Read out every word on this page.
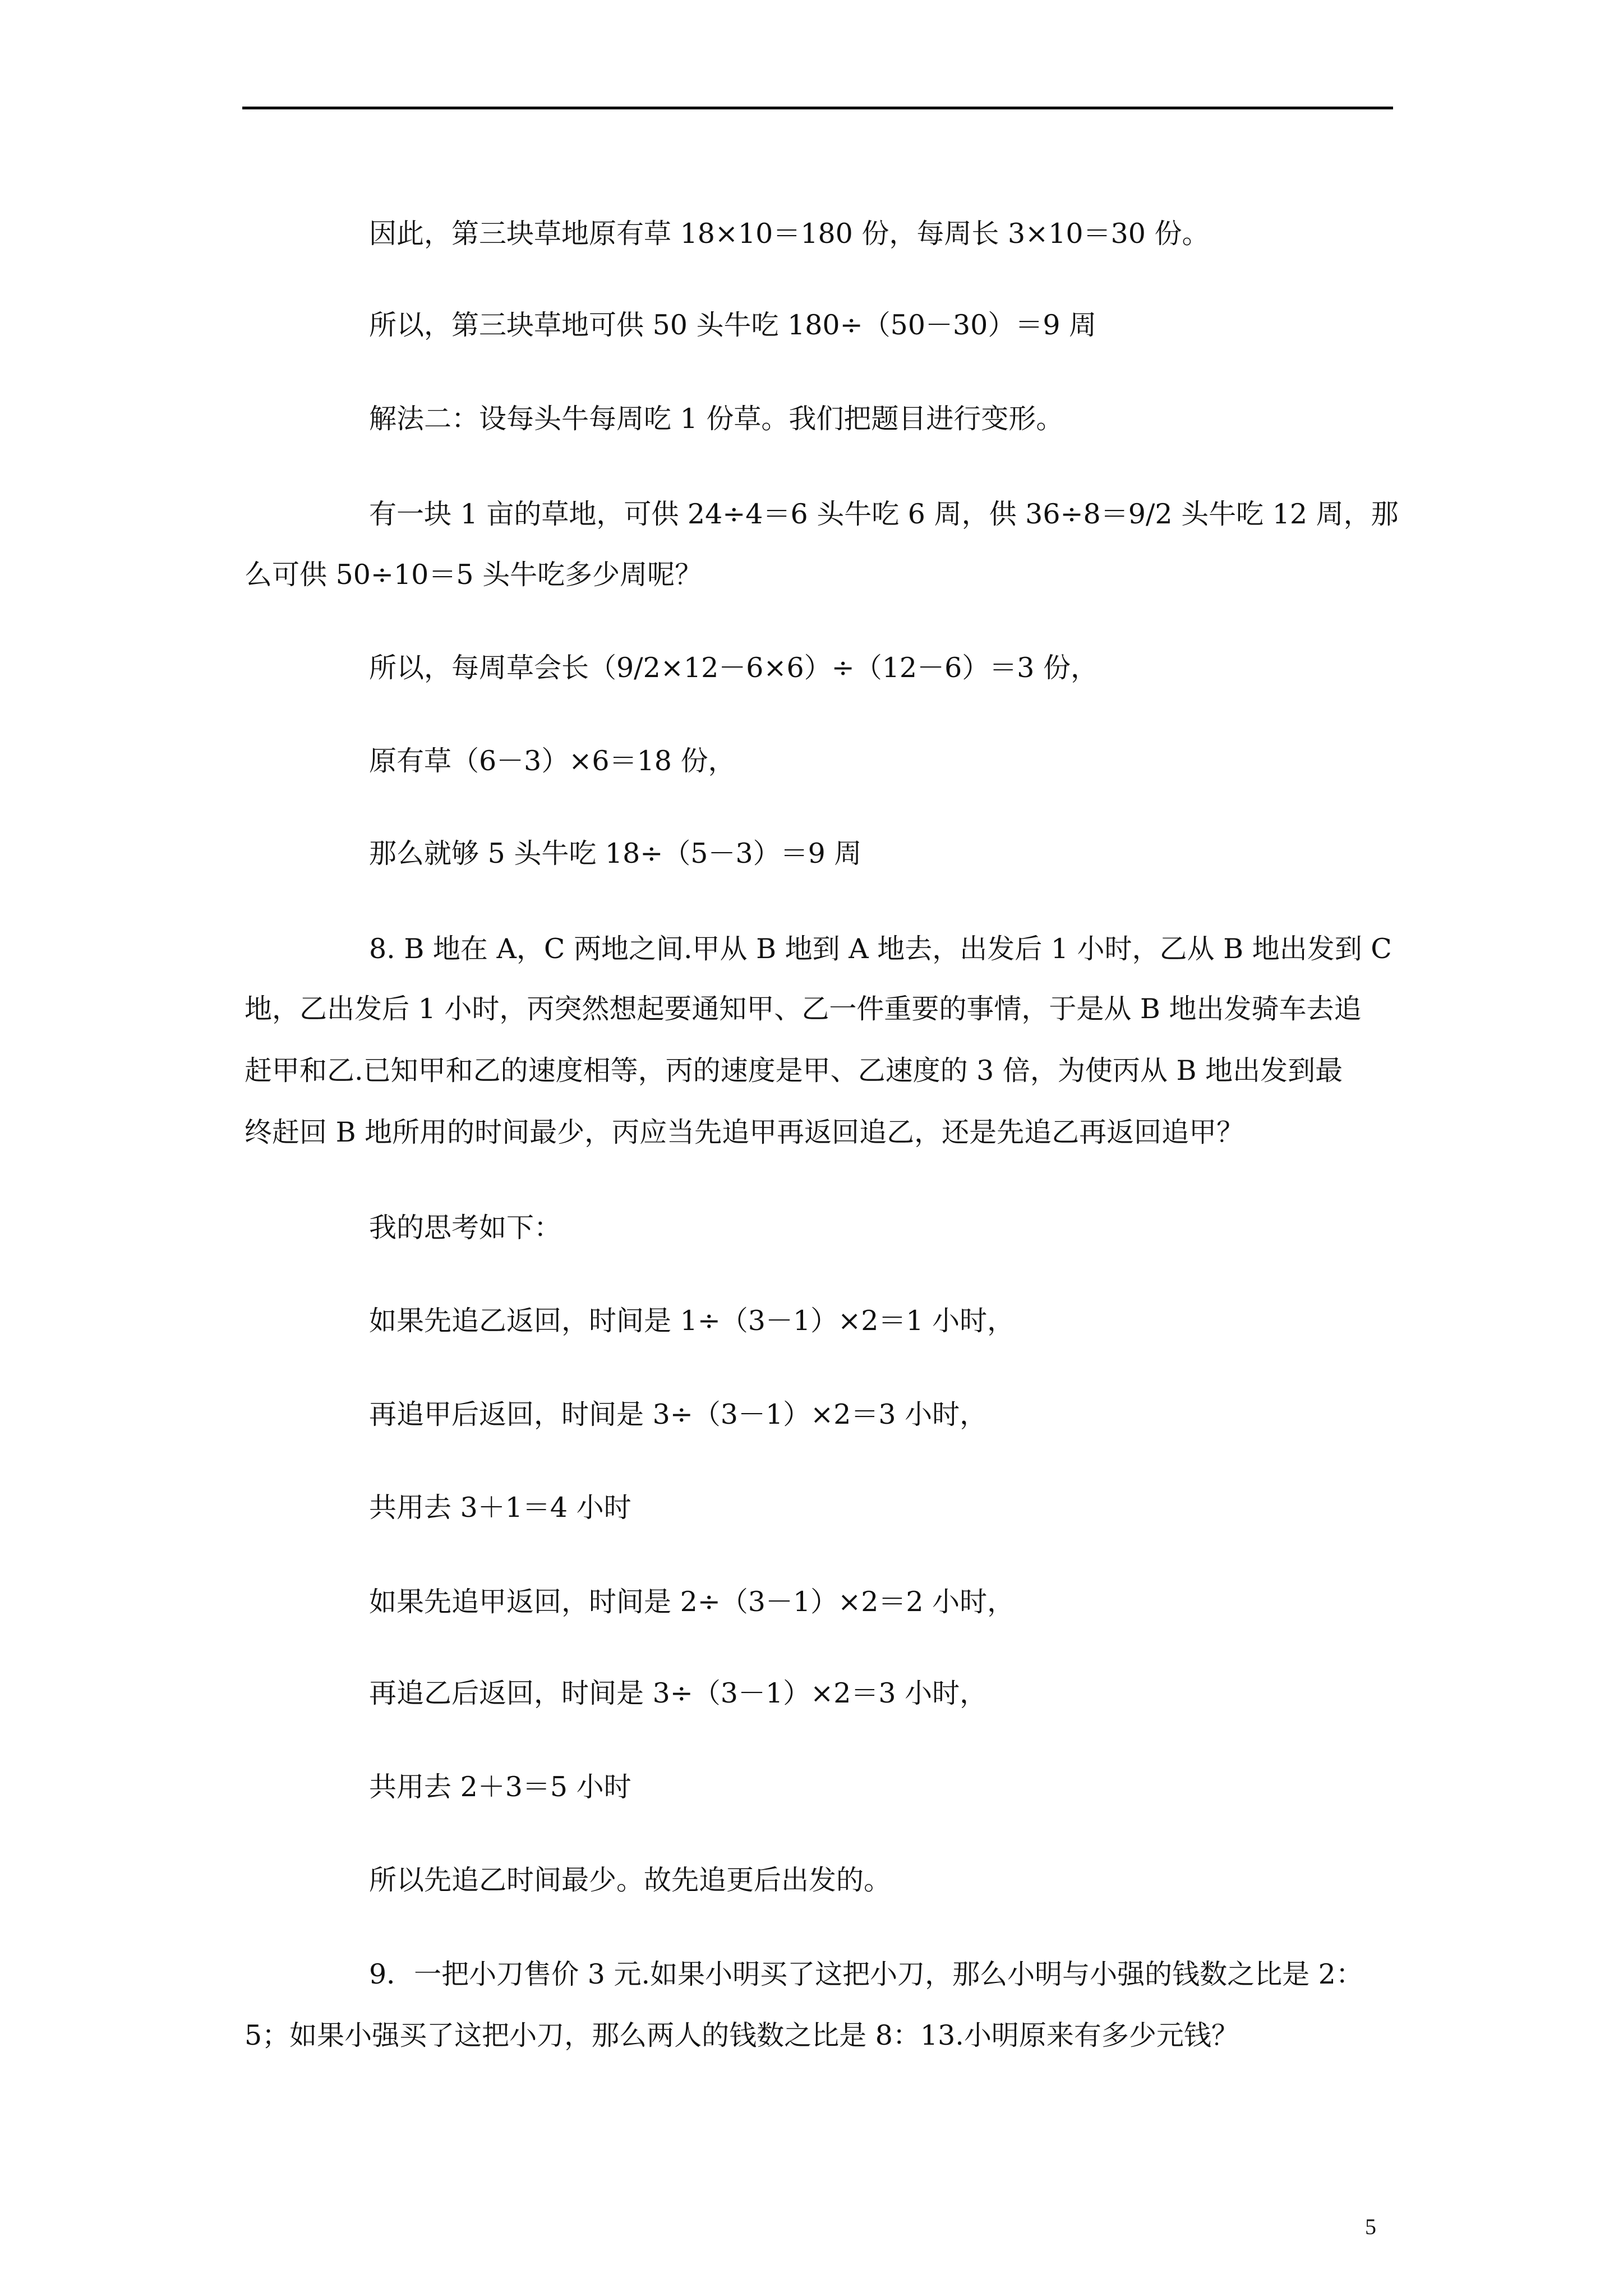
因此，第三块草地原有草 18×10＝180 份，每周长 3×10＝30 份。
所以，第三块草地可供 50 头牛吃 180÷（50－30）＝9 周
解法二：设每头牛每周吃 1 份草。我们把题目进行变形。
有一块 1 亩的草地，可供 24÷4＝6 头牛吃 6 周，供 36÷8＝9/2 头牛吃 12 周，那
么可供 50÷10＝5 头牛吃多少周呢？
所以，每周草会长（9/2×12－6×6）÷（12－6）＝3 份，
原有草（6－3）×6＝18 份，
那么就够 5 头牛吃 18÷（5－3）＝9 周
8. B 地在 A，C 两地之间.甲从 B 地到 A 地去，出发后 1 小时，乙从 B 地出发到 C
地，乙出发后 1 小时，丙突然想起要通知甲、乙一件重要的事情，于是从 B 地出发骑车去追
赶甲和乙.已知甲和乙的速度相等，丙的速度是甲、乙速度的 3 倍，为使丙从 B 地出发到最
终赶回 B 地所用的时间最少，丙应当先追甲再返回追乙，还是先追乙再返回追甲？
我的思考如下：
如果先追乙返回，时间是 1÷（3－1）×2＝1 小时，
再追甲后返回，时间是 3÷（3－1）×2＝3 小时，
共用去 3＋1＝4 小时
如果先追甲返回，时间是 2÷（3－1）×2＝2 小时，
再追乙后返回，时间是 3÷（3－1）×2＝3 小时，
共用去 2＋3＝5 小时
所以先追乙时间最少。故先追更后出发的。
9．一把小刀售价 3 元.如果小明买了这把小刀，那么小明与小强的钱数之比是 2：
5；如果小强买了这把小刀，那么两人的钱数之比是 8：13.小明原来有多少元钱？
5
